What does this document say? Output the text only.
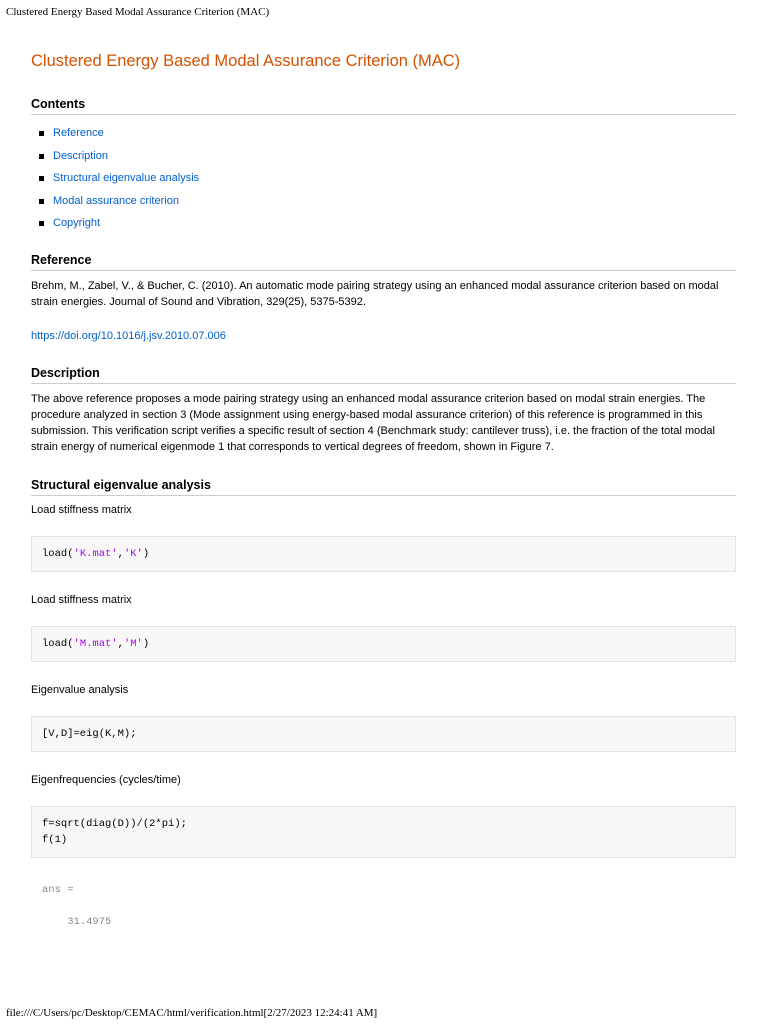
Clustered Energy Based Modal Assurance Criterion (MAC)
Clustered Energy Based Modal Assurance Criterion (MAC)
Contents
Reference
Description
Structural eigenvalue analysis
Modal assurance criterion
Copyright
Reference

Brehm, M., Zabel, V., & Bucher, C. (2010). An automatic mode pairing strategy using an enhanced modal assurance criterion based on modal strain energies. Journal of Sound and Vibration, 329(25), 5375-5392.

https://doi.org/10.1016/j.jsv.2010.07.006

Description

The above reference proposes a mode pairing strategy using an enhanced modal assurance criterion based on modal strain energies. The procedure analyzed in section 3 (Mode assignment using energy-based modal assurance criterion) of this reference is programmed in this submission. This verification script verifies a specific result of section 4 (Benchmark study: cantilever truss), i.e. the fraction of the total modal strain energy of numerical eigenmode 1 that corresponds to vertical degrees of freedom, shown in Figure 7.

Structural eigenvalue analysis
Load stiffness matrix
load('K.mat','K')
Load stiffness matrix
load('M.mat','M')
Eigenvalue analysis
[V,D]=eig(K,M);
Eigenfrequencies (cycles/time)
f=sqrt(diag(D))/(2*pi);
f(1)
ans =

31.4975
file:///C/Users/pc/Desktop/CEMAC/html/verification.html[2/27/2023 12:24:41 AM]
